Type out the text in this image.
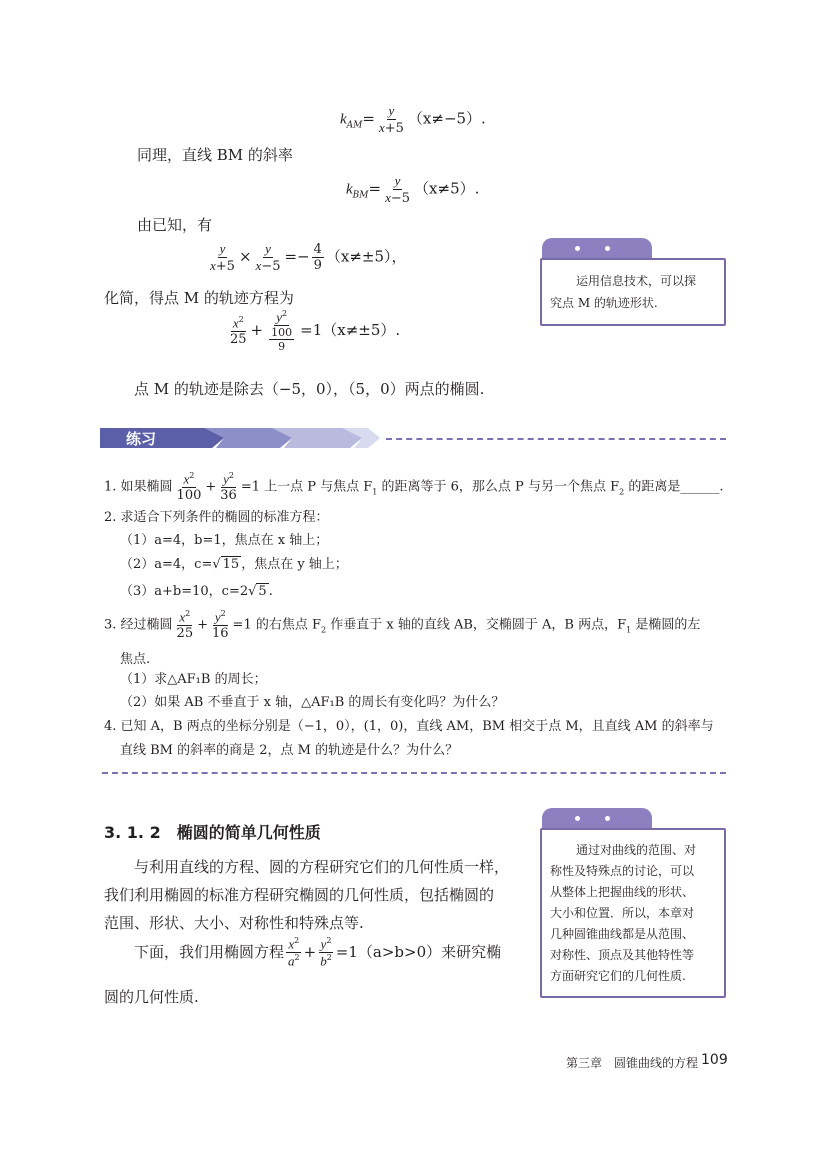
$k_{AM}= \frac{y}{x+5} (x\ne-5)$.
同理，直线 BM 的斜率
$k_{BM}= \frac{y}{x-5} (x\ne 5)$.
由已知，有
$\frac{y}{x+5} \times \frac{y}{x-5} =- \frac{4}{9} (x\ne\pm 5)$，
化简，得点 M 的轨迹方程为
$\frac{x^2}{25} + \frac{y^2}{\frac{100}{9}} =1(x\ne\pm 5)$.
点 M 的轨迹是除去（−5，0），（5，0）两点的椭圆.
运用信息技术，可以探
究点 M 的轨迹形状.
练习
1. 如果椭圆 $\frac{x^2}{100} + \frac{y^2}{36} =1$ 上一点 P 与焦点 $F_1$ 的距离等于 6，那么点 P 与另一个焦点 $F_2$ 的距离是______.
2. 求适合下列条件的椭圆的标准方程：
（1）a=4，b=1，焦点在 x 轴上；
（2）a=4，c=√ 15 ，焦点在 y 轴上；
（3）a+b=10，c=2√ 5 .
3. 经过椭圆 $\frac{x^2}{25} + \frac{y^2}{16} =1$ 的右焦点 $F_2$ 作垂直于 x 轴的直线 AB，交椭圆于 A，B 两点，$F_1$ 是椭圆的左
焦点.
（1）求△AF₁B 的周长；
（2）如果 AB 不垂直于 x 轴，△AF₁B 的周长有变化吗？为什么？
4. 已知 A，B 两点的坐标分别是（−1，0），(1，0)，直线 AM，BM 相交于点 M，且直线 AM 的斜率与
直线 BM 的斜率的商是 2，点 M 的轨迹是什么？为什么？
3. 1. 2　椭圆的简单几何性质
与利用直线的方程、圆的方程研究它们的几何性质一样，
我们利用椭圆的标准方程研究椭圆的几何性质，包括椭圆的
范围、形状、大小、对称性和特殊点等.
下面，我们用椭圆方程 $\frac{x^2}{a^2} + \frac{y^2}{b^2} =1(a>b>0)$来研究椭
圆的几何性质.
通过对曲线的范围、对
称性及特殊点的讨论，可以
从整体上把握曲线的形状、
大小和位置．所以，本章对
几种圆锥曲线都是从范围、
对称性、顶点及其他特性等
方面研究它们的几何性质.
第三章　圆锥曲线的方程 109
